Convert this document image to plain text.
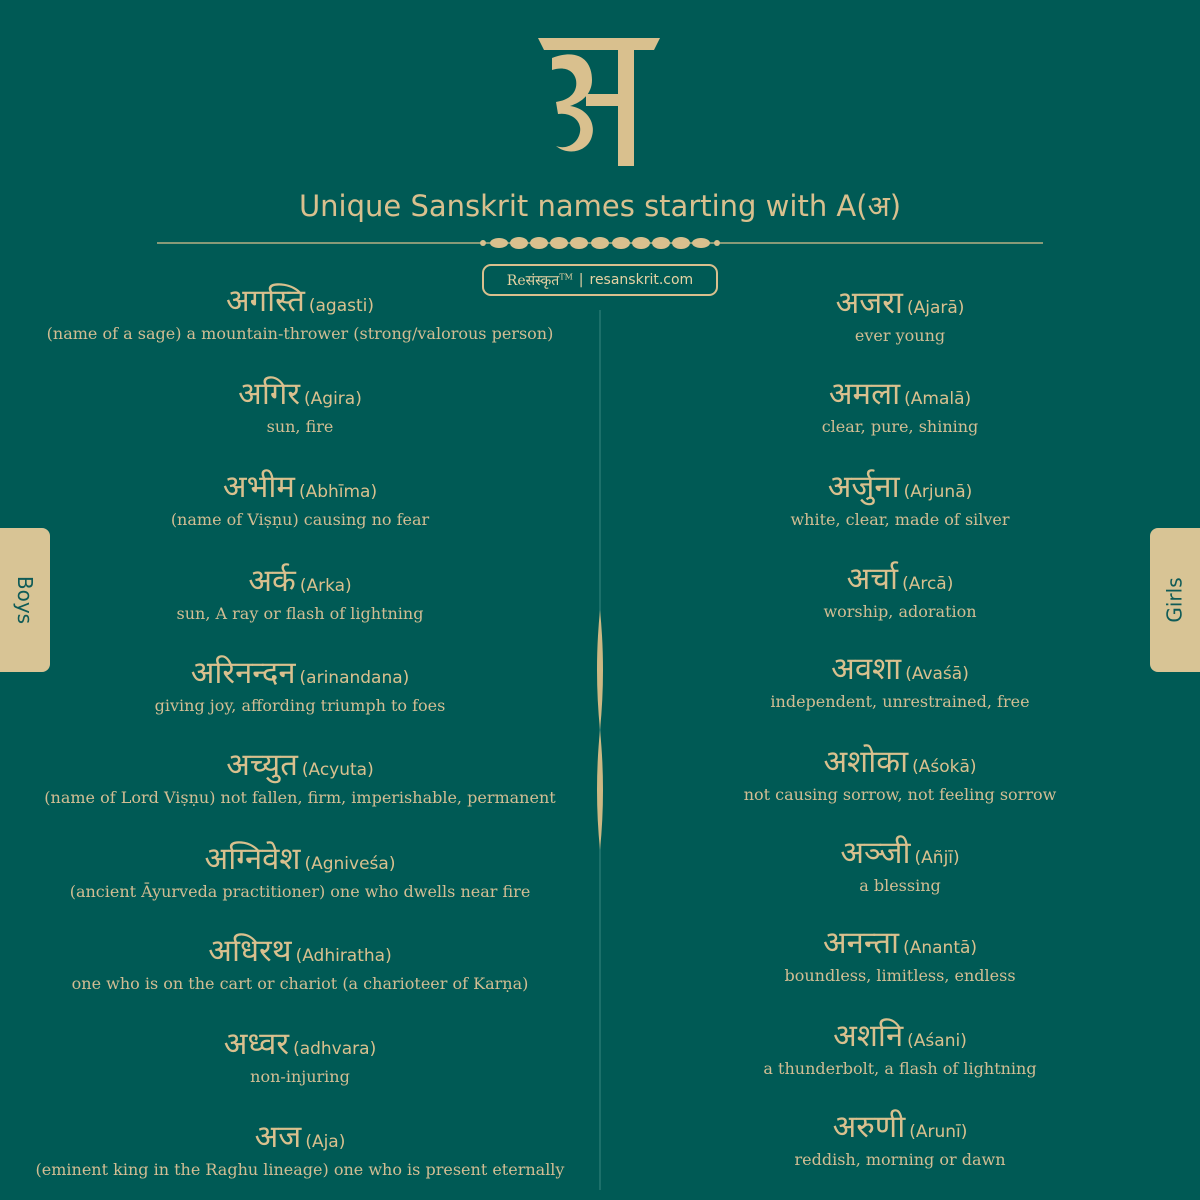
Unique Sanskrit names starting with A(अ)
Reसंस्कृत™ | resanskrit.com
Boys	Girls
अगस्ति (agasti)
(name of a sage) a mountain-thrower (strong/valorous person)
अगिर (Agira)
sun, fire
अभीम (Abhīma)
(name of Viṣṇu) causing no fear
अर्क (Arka)
sun, A ray or flash of lightning
अरिनन्दन (arinandana)
giving joy, affording triumph to foes
अच्युत (Acyuta)
(name of Lord Viṣṇu) not fallen, firm, imperishable, permanent
अग्निवेश (Agniveśa)
(ancient Āyurveda practitioner) one who dwells near fire
अधिरथ (Adhiratha)
one who is on the cart or chariot (a charioteer of Karṇa)
अध्वर (adhvara)
non-injuring
अज (Aja)
(eminent king in the Raghu lineage) one who is present eternally
अजरा (Ajarā)
ever young
अमला (Amalā)
clear, pure, shining
अर्जुना (Arjunā)
white, clear, made of silver
अर्चा (Arcā)
worship, adoration
अवशा (Avaśā)
independent, unrestrained, free
अशोका (Aśokā)
not causing sorrow, not feeling sorrow
अञ्जी (Añjī)
a blessing
अनन्ता (Anantā)
boundless, limitless, endless
अशनि (Aśani)
a thunderbolt, a flash of lightning
अरुणी (Arunī)
reddish, morning or dawn
